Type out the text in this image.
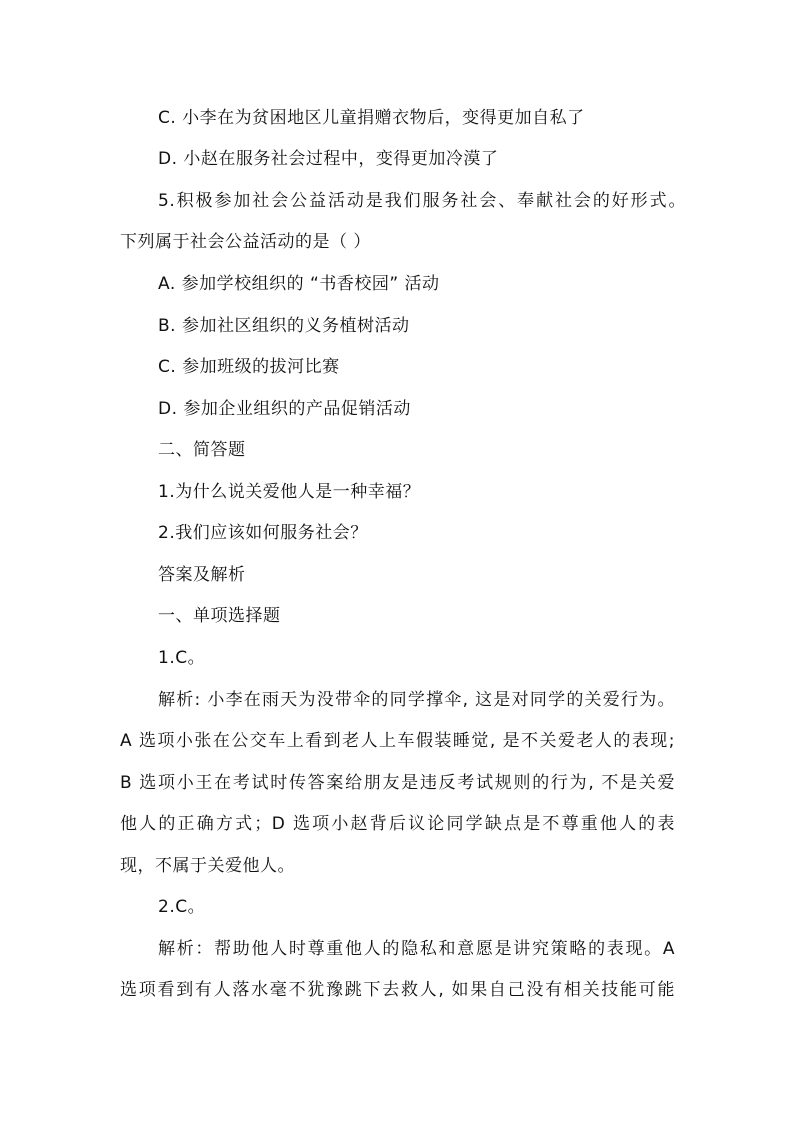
C. 小李在为贫困地区儿童捐赠衣物后，变得更加自私了
D. 小赵在服务社会过程中，变得更加冷漠了
5.积极参加社会公益活动是我们服务社会、奉献社会的好形式。
下列属于社会公益活动的是（ ）
A. 参加学校组织的 “书香校园” 活动
B. 参加社区组织的义务植树活动
C. 参加班级的拔河比赛
D. 参加企业组织的产品促销活动
二、简答题
1.为什么说关爱他人是一种幸福？
2.我们应该如何服务社会？
答案及解析
一、单项选择题
1.C。
解析: 小李在雨天为没带伞的同学撑伞, 这是对同学的关爱行为。
A 选项小张在公交车上看到老人上车假装睡觉, 是不关爱老人的表现;
B 选项小王在考试时传答案给朋友是违反考试规则的行为, 不是关爱
他人的正确方式；D 选项小赵背后议论同学缺点是不尊重他人的表
现，不属于关爱他人。
2.C。
解析：帮助他人时尊重他人的隐私和意愿是讲究策略的表现。A
选项看到有人落水毫不犹豫跳下去救人, 如果自己没有相关技能可能
